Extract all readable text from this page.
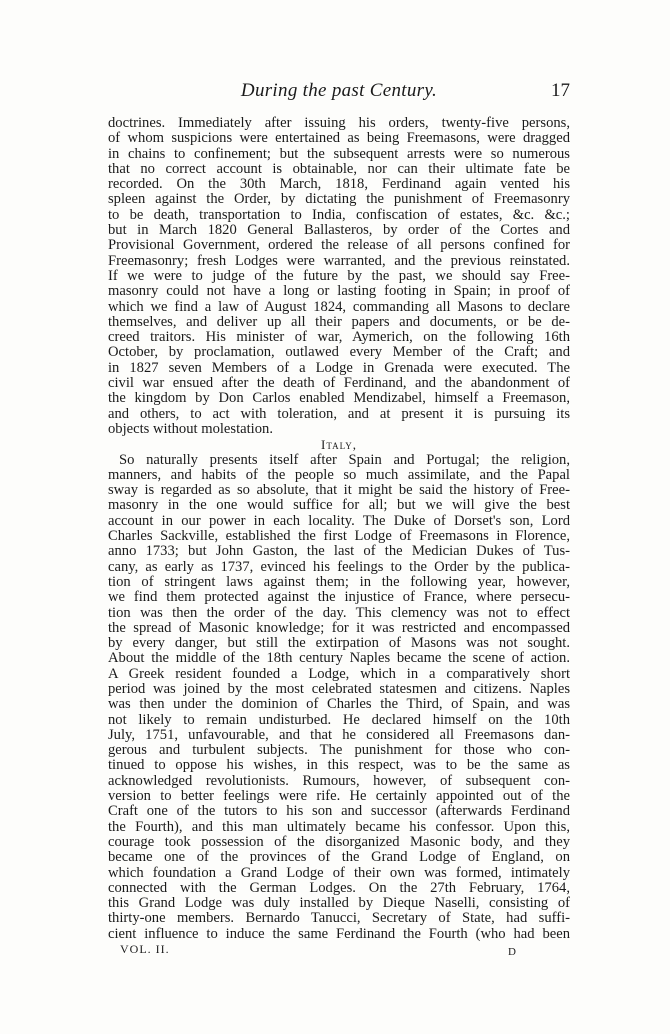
During the past Century.	17
doctrines. Immediately after issuing his orders, twenty-five persons,
of whom suspicions were entertained as being Freemasons, were dragged
in chains to confinement; but the subsequent arrests were so numerous
that no correct account is obtainable, nor can their ultimate fate be
recorded. On the 30th March, 1818, Ferdinand again vented his
spleen against the Order, by dictating the punishment of Freemasonry
to be death, transportation to India, confiscation of estates, &c. &c.;
but in March 1820 General Ballasteros, by order of the Cortes and
Provisional Government, ordered the release of all persons confined for
Freemasonry; fresh Lodges were warranted, and the previous reinstated.
If we were to judge of the future by the past, we should say Free-
masonry could not have a long or lasting footing in Spain; in proof of
which we find a law of August 1824, commanding all Masons to declare
themselves, and deliver up all their papers and documents, or be de-
creed traitors. His minister of war, Aymerich, on the following 16th
October, by proclamation, outlawed every Member of the Craft; and
in 1827 seven Members of a Lodge in Grenada were executed. The
civil war ensued after the death of Ferdinand, and the abandonment of
the kingdom by Don Carlos enabled Mendizabel, himself a Freemason,
and others, to act with toleration, and at present it is pursuing its
objects without molestation.
Italy,
So naturally presents itself after Spain and Portugal; the religion,
manners, and habits of the people so much assimilate, and the Papal
sway is regarded as so absolute, that it might be said the history of Free-
masonry in the one would suffice for all; but we will give the best
account in our power in each locality. The Duke of Dorset's son, Lord
Charles Sackville, established the first Lodge of Freemasons in Florence,
anno 1733; but John Gaston, the last of the Medician Dukes of Tus-
cany, as early as 1737, evinced his feelings to the Order by the publica-
tion of stringent laws against them; in the following year, however,
we find them protected against the injustice of France, where persecu-
tion was then the order of the day. This clemency was not to effect
the spread of Masonic knowledge; for it was restricted and encompassed
by every danger, but still the extirpation of Masons was not sought.
About the middle of the 18th century Naples became the scene of action.
A Greek resident founded a Lodge, which in a comparatively short
period was joined by the most celebrated statesmen and citizens. Naples
was then under the dominion of Charles the Third, of Spain, and was
not likely to remain undisturbed. He declared himself on the 10th
July, 1751, unfavourable, and that he considered all Freemasons dan-
gerous and turbulent subjects. The punishment for those who con-
tinued to oppose his wishes, in this respect, was to be the same as
acknowledged revolutionists. Rumours, however, of subsequent con-
version to better feelings were rife. He certainly appointed out of the
Craft one of the tutors to his son and successor (afterwards Ferdinand
the Fourth), and this man ultimately became his confessor. Upon this,
courage took possession of the disorganized Masonic body, and they
became one of the provinces of the Grand Lodge of England, on
which foundation a Grand Lodge of their own was formed, intimately
connected with the German Lodges. On the 27th February, 1764,
this Grand Lodge was duly installed by Dieque Naselli, consisting of
thirty-one members. Bernardo Tanucci, Secretary of State, had suffi-
cient influence to induce the same Ferdinand the Fourth (who had been
VOL. II.	D
